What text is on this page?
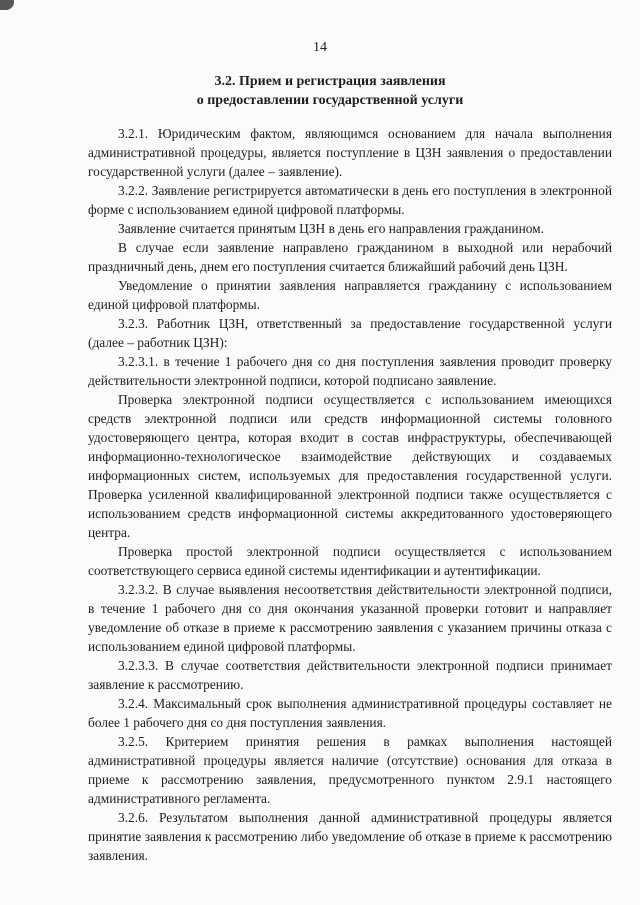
14
3.2. Прием и регистрация заявления
о предоставлении государственной услуги

3.2.1. Юридическим фактом, являющимся основанием для начала выполнения административной процедуры, является поступление в ЦЗН заявления о предоставлении государственной услуги (далее – заявление).

3.2.2. Заявление регистрируется автоматически в день его поступления в электронной форме с использованием единой цифровой платформы.

Заявление считается принятым ЦЗН в день его направления гражданином.

В случае если заявление направлено гражданином в выходной или нерабочий праздничный день, днем его поступления считается ближайший рабочий день ЦЗН.

Уведомление о принятии заявления направляется гражданину с использованием единой цифровой платформы.

3.2.3. Работник ЦЗН, ответственный за предоставление государственной услуги (далее – работник ЦЗН):

3.2.3.1. в течение 1 рабочего дня со дня поступления заявления проводит проверку действительности электронной подписи, которой подписано заявление.

Проверка электронной подписи осуществляется с использованием имеющихся средств электронной подписи или средств информационной системы головного удостоверяющего центра, которая входит в состав инфраструктуры, обеспечивающей информационно-технологическое взаимодействие действующих и создаваемых информационных систем, используемых для предоставления государственной услуги. Проверка усиленной квалифицированной электронной подписи также осуществляется с использованием средств информационной системы аккредитованного удостоверяющего центра.

Проверка простой электронной подписи осуществляется с использованием соответствующего сервиса единой системы идентификации и аутентификации.

3.2.3.2. В случае выявления несоответствия действительности электронной подписи, в течение 1 рабочего дня со дня окончания указанной проверки готовит и направляет уведомление об отказе в приеме к рассмотрению заявления с указанием причины отказа с использованием единой цифровой платформы.

3.2.3.3. В случае соответствия действительности электронной подписи принимает заявление к рассмотрению.

3.2.4. Максимальный срок выполнения административной процедуры составляет не более 1 рабочего дня со дня поступления заявления.

3.2.5. Критерием принятия решения в рамках выполнения настоящей административной процедуры является наличие (отсутствие) основания для отказа в приеме к рассмотрению заявления, предусмотренного пунктом 2.9.1 настоящего административного регламента.

3.2.6. Результатом выполнения данной административной процедуры является принятие заявления к рассмотрению либо уведомление об отказе в приеме к рассмотрению заявления.
